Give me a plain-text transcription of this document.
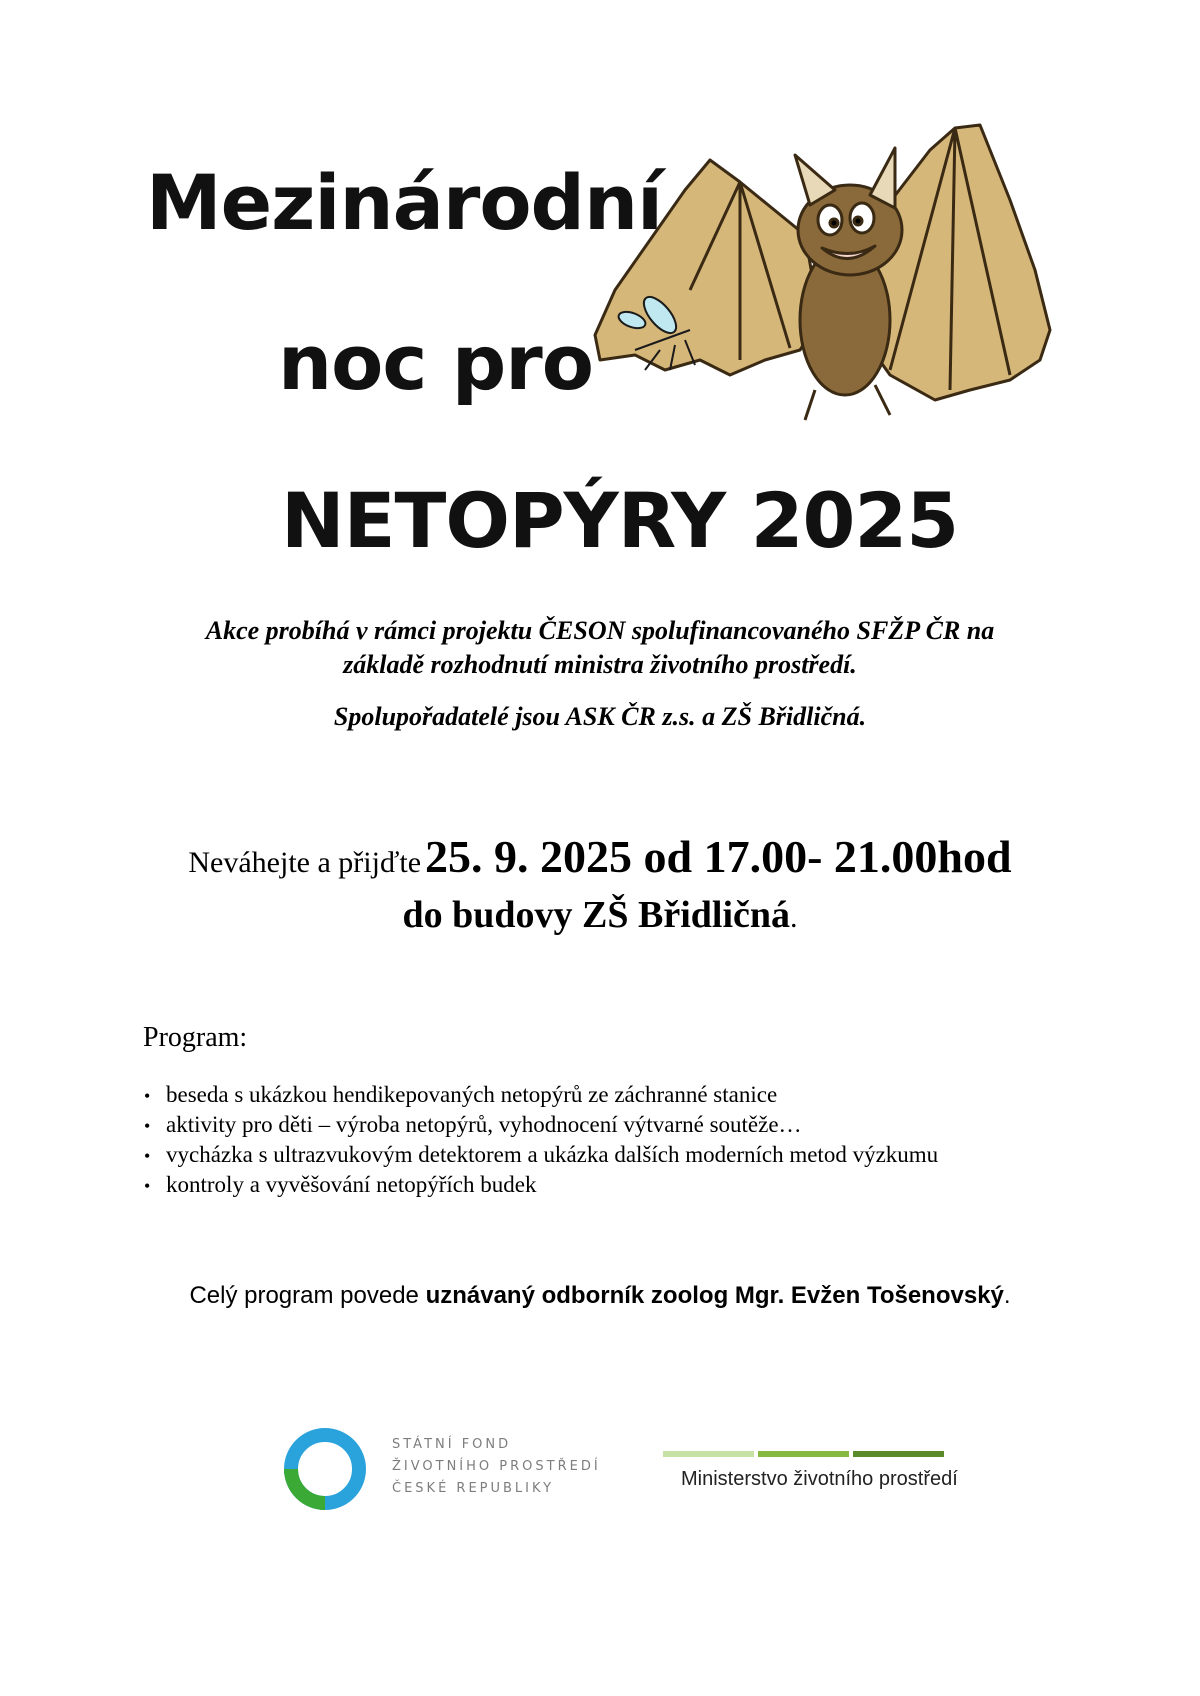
Mezinárodní
noc pro
NETOPÝRY 2025
Akce probíhá v rámci projektu ČESON spolufinancovaného SFŽP ČR na
základě rozhodnutí ministra životního prostředí.
Spolupořadatelé jsou ASK ČR z.s. a ZŠ Břidličná.
Neváhejte a přijďte 25. 9. 2025 od 17.00- 21.00hod
do budovy ZŠ Břidličná.
Program:
• beseda s ukázkou hendikepovaných netopýrů ze záchranné stanice
• aktivity pro děti – výroba netopýrů, vyhodnocení výtvarné soutěže…
• vycházka s ultrazvukovým detektorem a ukázka dalších moderních metod výzkumu
• kontroly a vyvěšování netopýřích budek
Celý program povede uznávaný odborník zoolog Mgr. Evžen Tošenovský.
STÁTNÍ FOND
ŽIVOTNÍHO PROSTŘEDÍ
ČESKÉ REPUBLIKY	Ministerstvo životního prostředí
